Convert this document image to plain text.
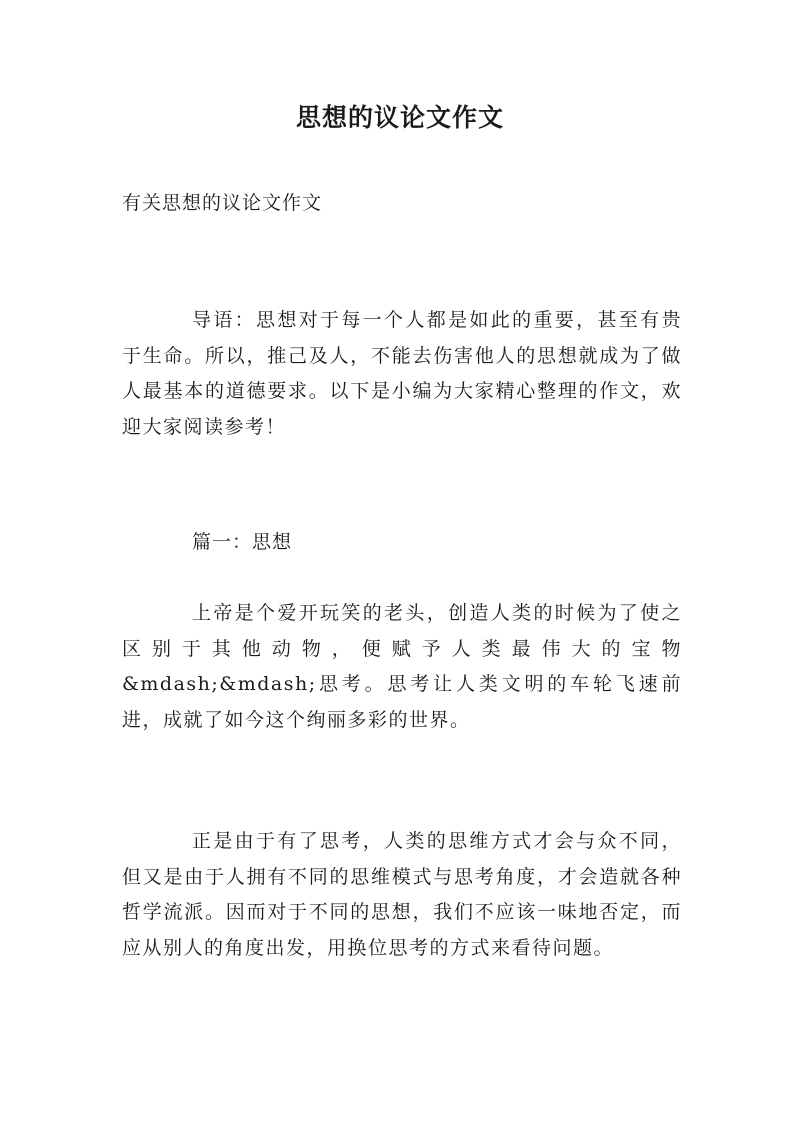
思想的议论文作文

有关思想的议论文作文

导语：思想对于每一个人都是如此的重要，甚至有贵于生命。所以，推己及人，不能去伤害他人的思想就成为了做人最基本的道德要求。以下是小编为大家精心整理的作文，欢迎大家阅读参考！

篇一：思想

上帝是个爱开玩笑的老头，创造人类的时候为了使之区别于其他动物，便赋予人类最伟大的宝物&mdash;&mdash;思考。思考让人类文明的车轮飞速前进，成就了如今这个绚丽多彩的世界。

正是由于有了思考，人类的思维方式才会与众不同，但又是由于人拥有不同的思维模式与思考角度，才会造就各种哲学流派。因而对于不同的思想，我们不应该一味地否定，而应从别人的角度出发，用换位思考的方式来看待问题。
